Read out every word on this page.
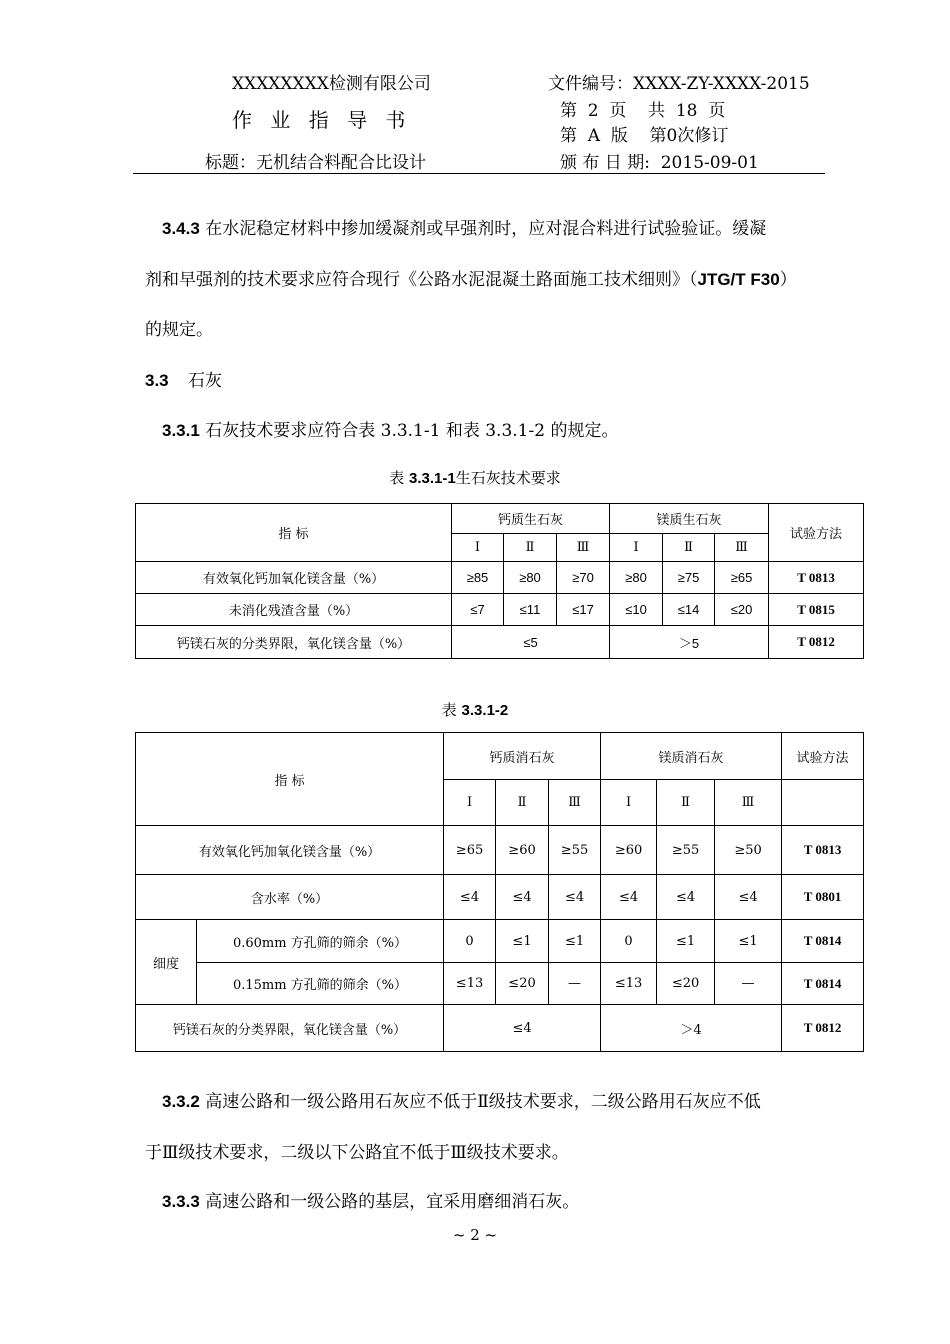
XXXXXXXX检测有限公司
作 业 指 导 书
标题：无机结合料配合比设计
文件编号：XXXX-ZY-XXXX-2015
第  2  页    共  18  页
第  A  版    第0次修订
颁 布 日 期:  2015-09-01
3.4.3 在水泥稳定材料中掺加缓凝剂或早强剂时，应对混合料进行试验验证。缓凝
剂和早强剂的技术要求应符合现行《公路水泥混凝土路面施工技术细则》（JTG/T F30）
的规定。
3.3 石灰
3.3.1 石灰技术要求应符合表 3.3.1-1 和表 3.3.1-2 的规定。
表 3.3.1-1生石灰技术要求
指 标	钙质生石灰			镁质生石灰			试验方法
	Ⅰ	Ⅱ	Ⅲ	Ⅰ	Ⅱ	Ⅲ	
有效氧化钙加氧化镁含量（%）	≥85	≥80	≥70	≥80	≥75	≥65	T 0813
未消化残渣含量（%）	≤7	≤11	≤17	≤10	≤14	≤20	T 0815
钙镁石灰的分类界限，氧化镁含量（%）	≤5			＞5			T 0812
表 3.3.1-2
指 标		钙质消石灰			镁质消石灰			试验方法
		Ⅰ	Ⅱ	Ⅲ	Ⅰ	Ⅱ	Ⅲ	
有效氧化钙加氧化镁含量（%）		≥65	≥60	≥55	≥60	≥55	≥50	T 0813
含水率（%）		≤4	≤4	≤4	≤4	≤4	≤4	T 0801
细度	0.60mm 方孔筛的筛余（%）	0	≤1	≤1	0	≤1	≤1	T 0814
	0.15mm 方孔筛的筛余（%）	≤13	≤20	—	≤13	≤20	—	T 0814
钙镁石灰的分类界限，氧化镁含量（%）		≤4			＞4			T 0812
3.3.2 高速公路和一级公路用石灰应不低于Ⅱ级技术要求，二级公路用石灰应不低
于Ⅲ级技术要求，二级以下公路宜不低于Ⅲ级技术要求。
3.3.3 高速公路和一级公路的基层，宜采用磨细消石灰。
~ 2 ~
